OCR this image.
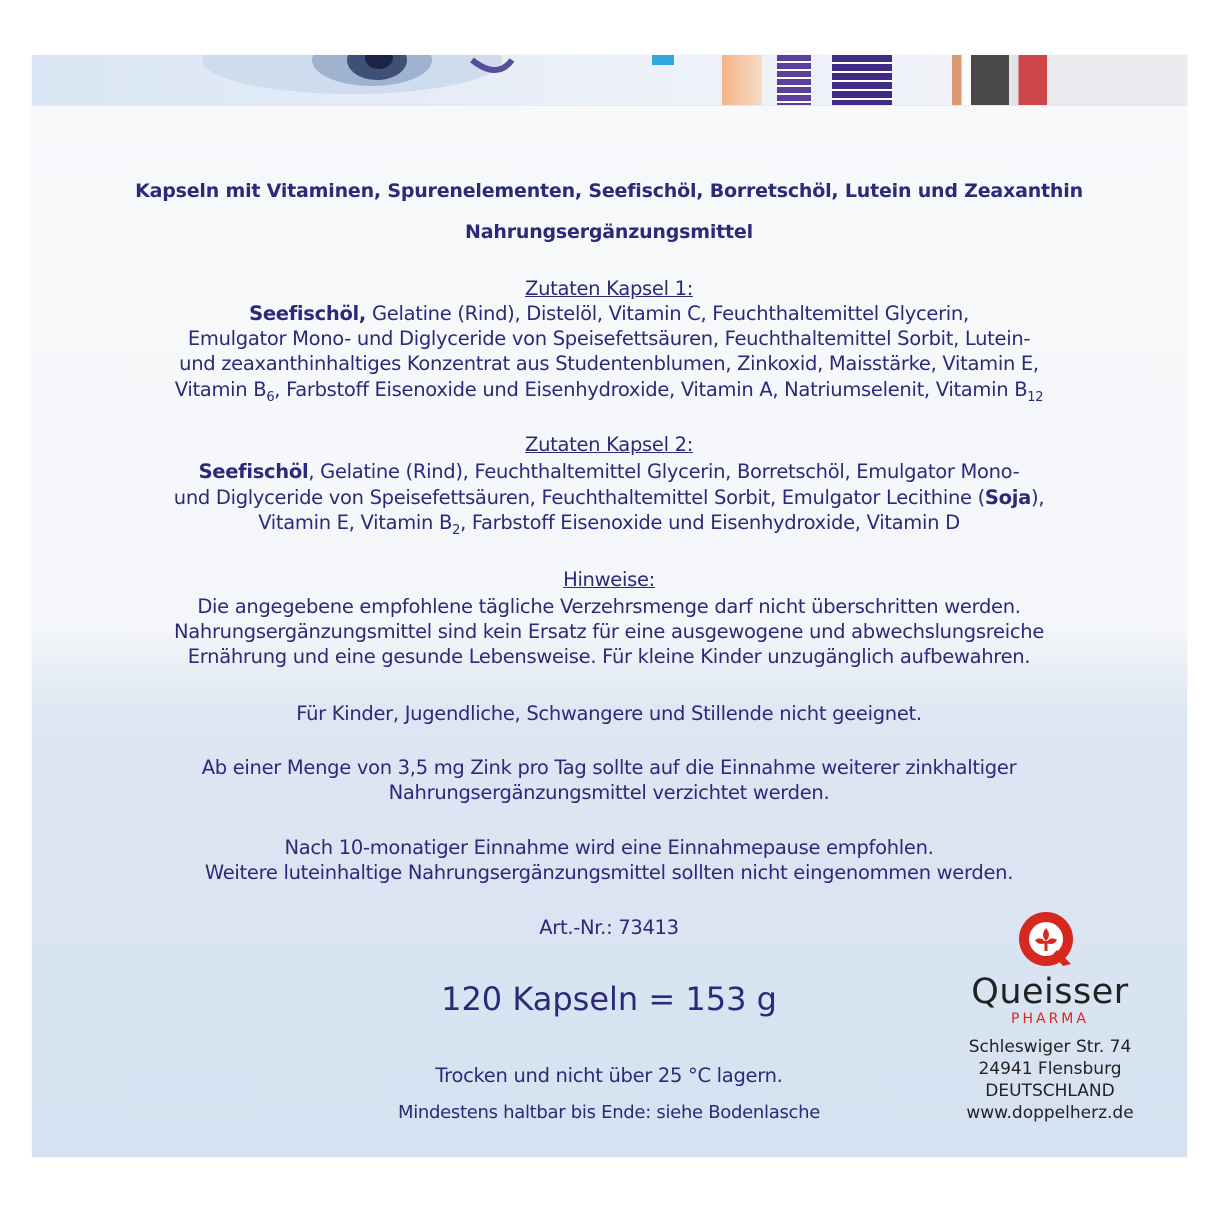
Kapseln mit Vitaminen, Spurenelementen, Seefischöl, Borretschöl, Lutein und Zeaxanthin
Nahrungsergänzungsmittel
Zutaten Kapsel 1:
Seefischöl, Gelatine (Rind), Distelöl, Vitamin C, Feuchthaltemittel Glycerin,
Emulgator Mono- und Diglyceride von Speisefettsäuren, Feuchthaltemittel Sorbit, Lutein-
und zeaxanthinhaltiges Konzentrat aus Studentenblumen, Zinkoxid, Maisstärke, Vitamin E,
Vitamin $B_6$, Farbstoff Eisenoxide und Eisenhydroxide, Vitamin A, Natriumselenit, Vitamin $B_{12}$
Zutaten Kapsel 2:
Seefischöl, Gelatine (Rind), Feuchthaltemittel Glycerin, Borretschöl, Emulgator Mono-
und Diglyceride von Speisefettsäuren, Feuchthaltemittel Sorbit, Emulgator Lecithine (Soja),
Vitamin E, Vitamin $B_2$, Farbstoff Eisenoxide und Eisenhydroxide, Vitamin D
Hinweise:
Die angegebene empfohlene tägliche Verzehrsmenge darf nicht überschritten werden.
Nahrungsergänzungsmittel sind kein Ersatz für eine ausgewogene und abwechslungsreiche
Ernährung und eine gesunde Lebensweise. Für kleine Kinder unzugänglich aufbewahren.
Für Kinder, Jugendliche, Schwangere und Stillende nicht geeignet.
Ab einer Menge von 3,5 mg Zink pro Tag sollte auf die Einnahme weiterer zinkhaltiger
Nahrungsergänzungsmittel verzichtet werden.
Nach 10-monatiger Einnahme wird eine Einnahmepause empfohlen.
Weitere luteinhaltige Nahrungsergänzungsmittel sollten nicht eingenommen werden.
Art.-Nr.: 73413
120 Kapseln = 153 g
Trocken und nicht über 25 °C lagern.
Mindestens haltbar bis Ende: siehe Bodenlasche
Queisser
PHARMA
Schleswiger Str. 74
24941 Flensburg
DEUTSCHLAND
www.doppelherz.de
